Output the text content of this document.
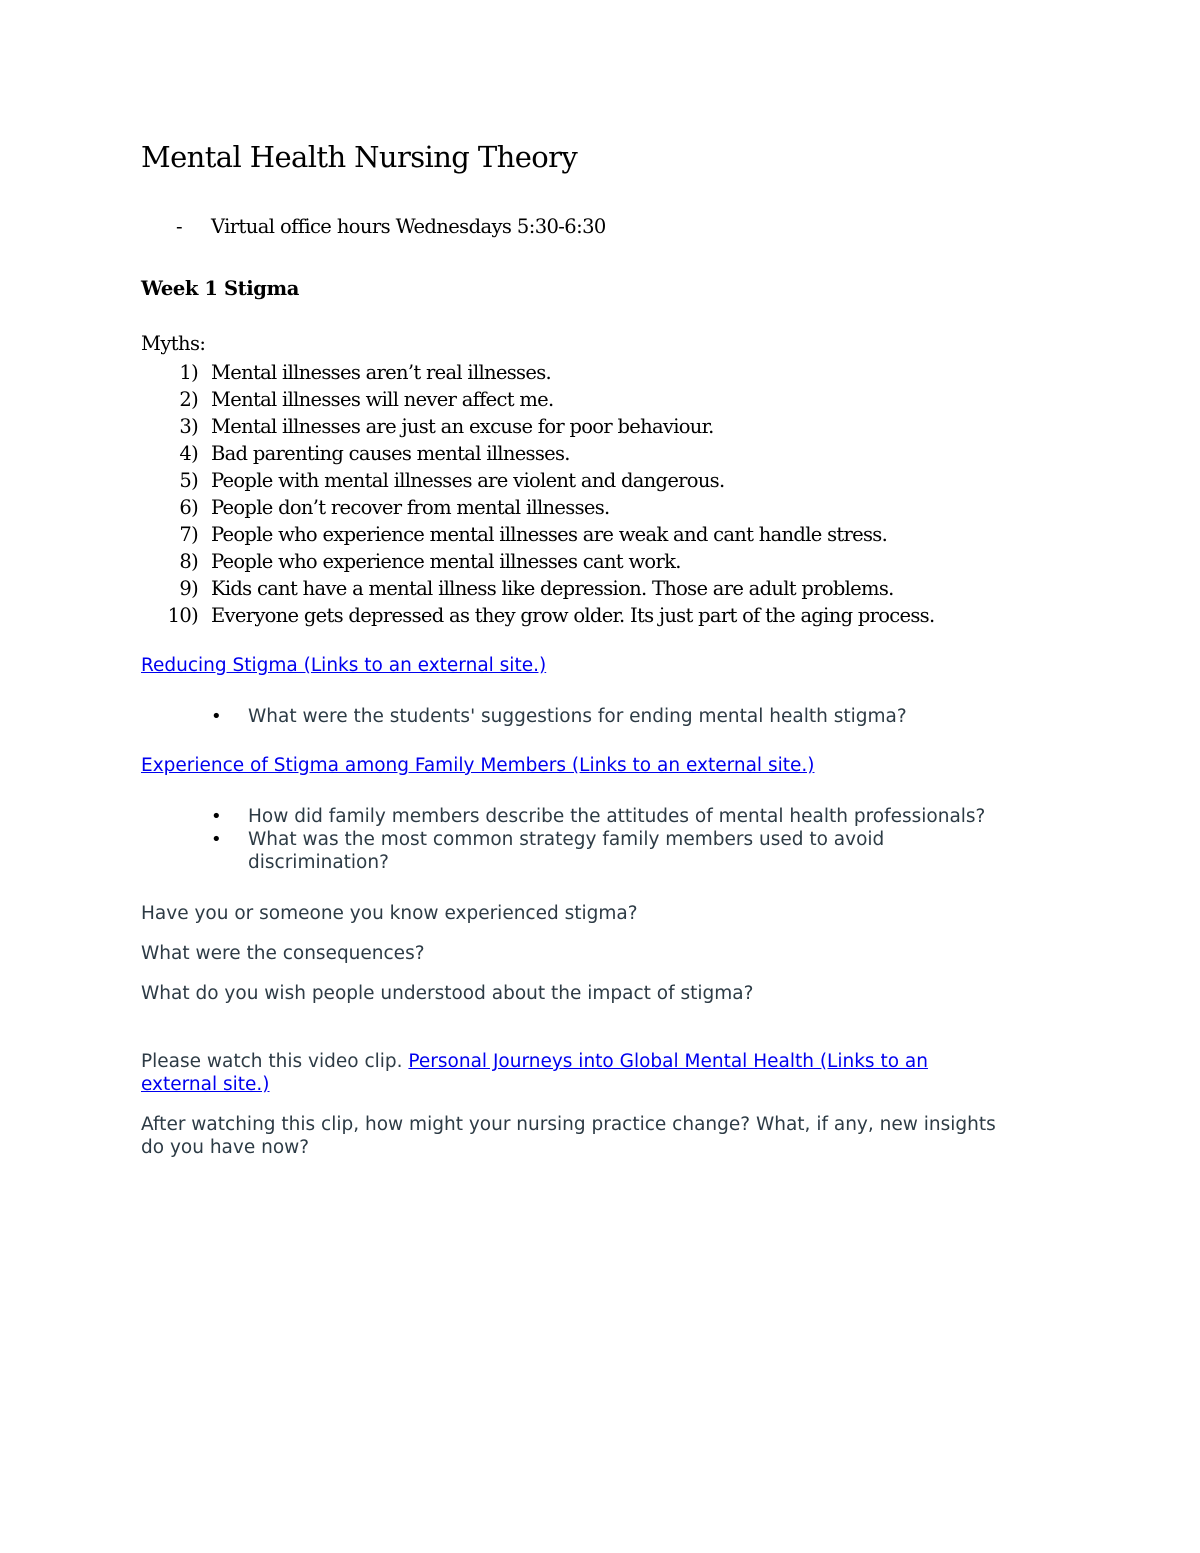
Mental Health Nursing Theory
- Virtual office hours Wednesdays 5:30-6:30
Week 1 Stigma
Myths:
1) Mental illnesses aren’t real illnesses.
2) Mental illnesses will never affect me.
3) Mental illnesses are just an excuse for poor behaviour.
4) Bad parenting causes mental illnesses.
5) People with mental illnesses are violent and dangerous.
6) People don’t recover from mental illnesses.
7) People who experience mental illnesses are weak and cant handle stress.
8) People who experience mental illnesses cant work.
9) Kids cant have a mental illness like depression. Those are adult problems.
10) Everyone gets depressed as they grow older. Its just part of the aging process.
Reducing Stigma (Links to an external site.)
• What were the students' suggestions for ending mental health stigma?
Experience of Stigma among Family Members (Links to an external site.)
• How did family members describe the attitudes of mental health professionals?
• What was the most common strategy family members used to avoid
discrimination?
Have you or someone you know experienced stigma?
What were the consequences?
What do you wish people understood about the impact of stigma?
Please watch this video clip. Personal Journeys into Global Mental Health (Links to an
external site.)
After watching this clip, how might your nursing practice change? What, if any, new insights
do you have now?
